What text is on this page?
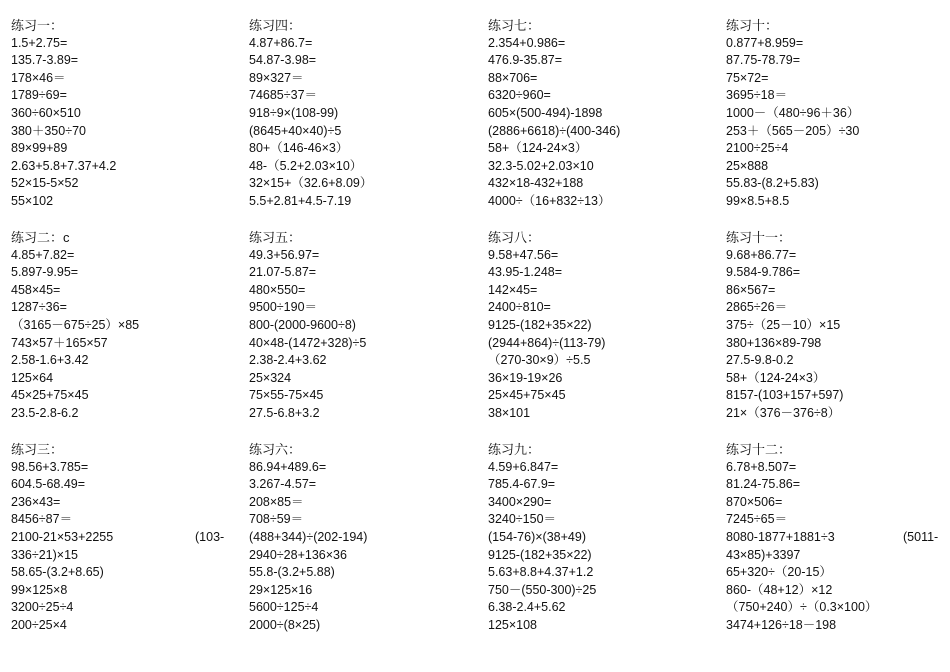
练习一：
1.5+2.75=
135.7-3.89=
178×46＝
1789÷69=
360÷60×510
380＋350÷70
89×99+89
2.63+5.8+7.37+4.2
52×15-5×52
55×102
练习二：c
4.85+7.82=
5.897-9.95=
458×45=
1287÷36=
（3165－675÷25）×85
743×57＋165×57
2.58-1.6+3.42
125×64
45×25+75×45
23.5-2.8-6.2
练习三：
98.56+3.785=
604.5-68.49=
236×43=
8456÷87＝
2100-21×53+2255
336÷21)×15
58.65-(3.2+8.65)
99×125×8
3200÷25÷4
200÷25×4
(103-
练习四：
4.87+86.7=
54.87-3.98=
89×327＝
74685÷37＝
918÷9×(108-99)
(8645+40×40)÷5
80+（146-46×3）
48-（5.2+2.03×10）
32×15+（32.6+8.09）
5.5+2.81+4.5-7.19
练习五：
49.3+56.97=
21.07-5.87=
480×550=
9500÷190＝
800-(2000-9600÷8)
40×48-(1472+328)÷5
2.38-2.4+3.62
25×324
75×55-75×45
27.5-6.8+3.2
练习六：
86.94+489.6=
3.267-4.57=
208×85＝
708÷59＝
(488+344)÷(202-194)
2940÷28+136×36
55.8-(3.2+5.88)
29×125×16
5600÷125÷4
2000÷(8×25)
练习七：
2.354+0.986=
476.9-35.87=
88×706=
6320÷960=
605×(500-494)-1898
(2886+6618)÷(400-346)
58+（124-24×3）
32.3-5.02+2.03×10
432×18-432+188
4000÷（16+832÷13）
练习八：
9.58+47.56=
43.95-1.248=
142×45=
2400÷810=
9125-(182+35×22)
(2944+864)÷(113-79)
（270-30×9）÷5.5
36×19-19×26
25×45+75×45
38×101
练习九：
4.59+6.847=
785.4-67.9=
3400×290=
3240÷150＝
(154-76)×(38+49)
9125-(182+35×22)
5.63+8.8+4.37+1.2
750－(550-300)÷25
6.38-2.4+5.62
125×108
练习十：
0.877+8.959=
87.75-78.79=
75×72=
3695÷18＝
1000－（480÷96＋36）
253＋（565－205）÷30
2100÷25÷4
25×888
55.83-(8.2+5.83)
99×8.5+8.5
练习十一：
9.68+86.77=
9.584-9.786=
86×567=
2865÷26＝
375÷（25－10）×15
380+136×89-798
27.5-9.8-0.2
58+（124-24×3）
8157-(103+157+597)
21×（376－376÷8）
练习十二：
6.78+8.507=
81.24-75.86=
870×506=
7245÷65＝
8080-1877+1881÷3
43×85)+3397
65+320÷（20-15）
860-（48+12）×12
（750+240）÷（0.3×100）
3474+126÷18－198
(5011-
